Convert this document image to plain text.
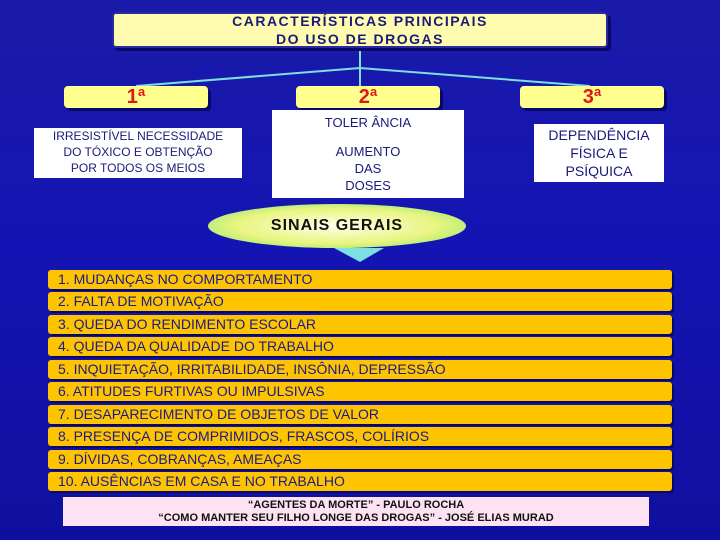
CARACTERÍSTICAS PRINCIPAIS
DO USO DE DROGAS
1ª
IRRESISTÍVEL NECESSIDADE
DO TÓXICO E OBTENÇÃO
POR TODOS OS MEIOS
2ª
TOLER ÂNCIA
AUMENTO
DAS
DOSES
3ª
DEPENDÊNCIA
FÍSICA E
PSÍQUICA
SINAIS GERAIS
1. MUDANÇAS NO COMPORTAMENTO
2. FALTA DE MOTIVAÇÃO
3. QUEDA DO RENDIMENTO ESCOLAR
4. QUEDA DA QUALIDADE DO TRABALHO
5. INQUIETAÇÃO, IRRITABILIDADE, INSÔNIA, DEPRESSÃO
6. ATITUDES FURTIVAS OU IMPULSIVAS
7. DESAPARECIMENTO DE OBJETOS DE VALOR
8. PRESENÇA DE COMPRIMIDOS, FRASCOS, COLÍRIOS
9. DÍVIDAS, COBRANÇAS, AMEAÇAS
10. AUSÊNCIAS EM CASA E NO TRABALHO
“AGENTES DA MORTE” - PAULO ROCHA
“COMO MANTER SEU FILHO LONGE DAS DROGAS” - JOSÉ ELIAS MURAD
